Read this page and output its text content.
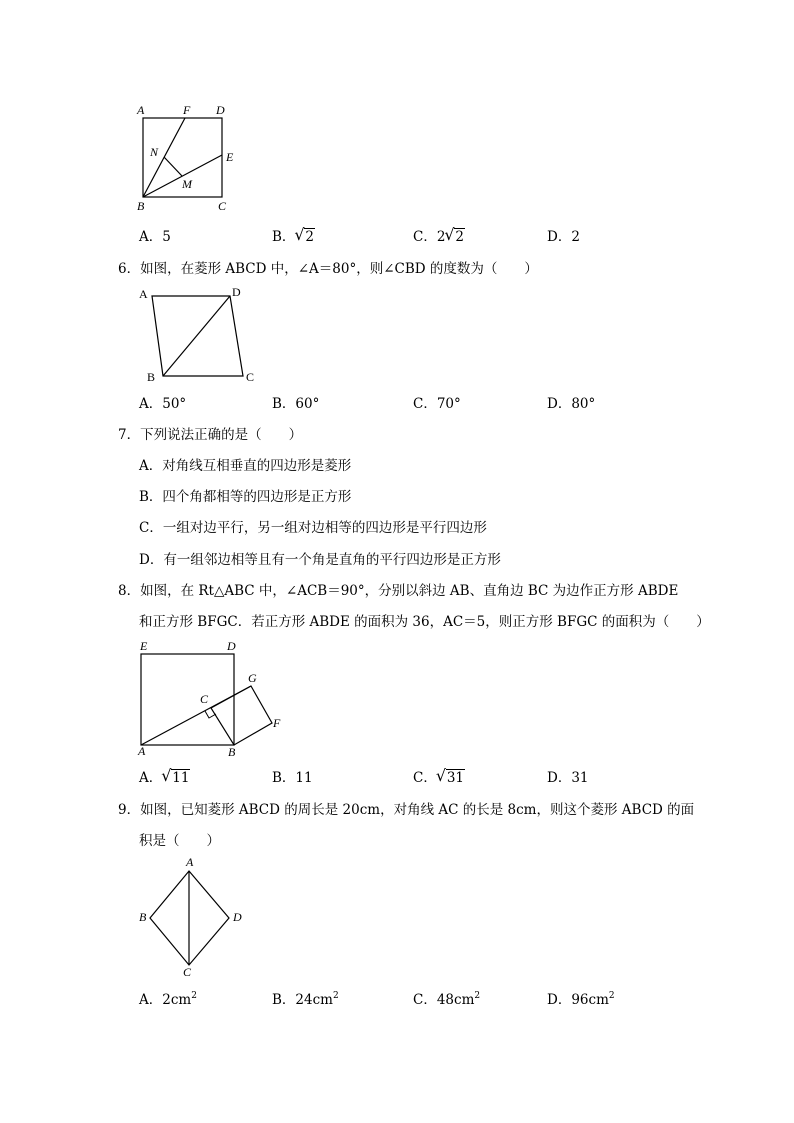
A	F D
N	E
M
B	C
A．5	B． √ 2	C．2 √ 2	D．2
6．如图，在菱形 ABCD 中，∠A＝80°，则∠CBD 的度数为（　　）
A	D
B	C
A．50°	B．60°	C．70°	D．80°
7．下列说法正确的是（　　）
A．对角线互相垂直的四边形是菱形
B．四个角都相等的四边形是正方形
C．一组对边平行，另一组对边相等的四边形是平行四边形
D．有一组邻边相等且有一个角是直角的平行四边形是正方形
8．如图，在 Rt△ABC 中，∠ACB＝90°，分别以斜边 AB、直角边 BC 为边作正方形 ABDE
和正方形 BFGC．若正方形 ABDE 的面积为 36，AC＝5，则正方形 BFGC 的面积为（　　）
E	D
G
C
F
A	B
A． √ 11	B．11	C． √ 31	D．31
9．如图，已知菱形 ABCD 的周长是 20cm，对角线 AC 的长是 8cm，则这个菱形 ABCD 的面
积是（　　）
A
B	D
C
A．$2cm^2$	B．$24cm^2$	C．$48cm^2$	D．$96cm^2$
